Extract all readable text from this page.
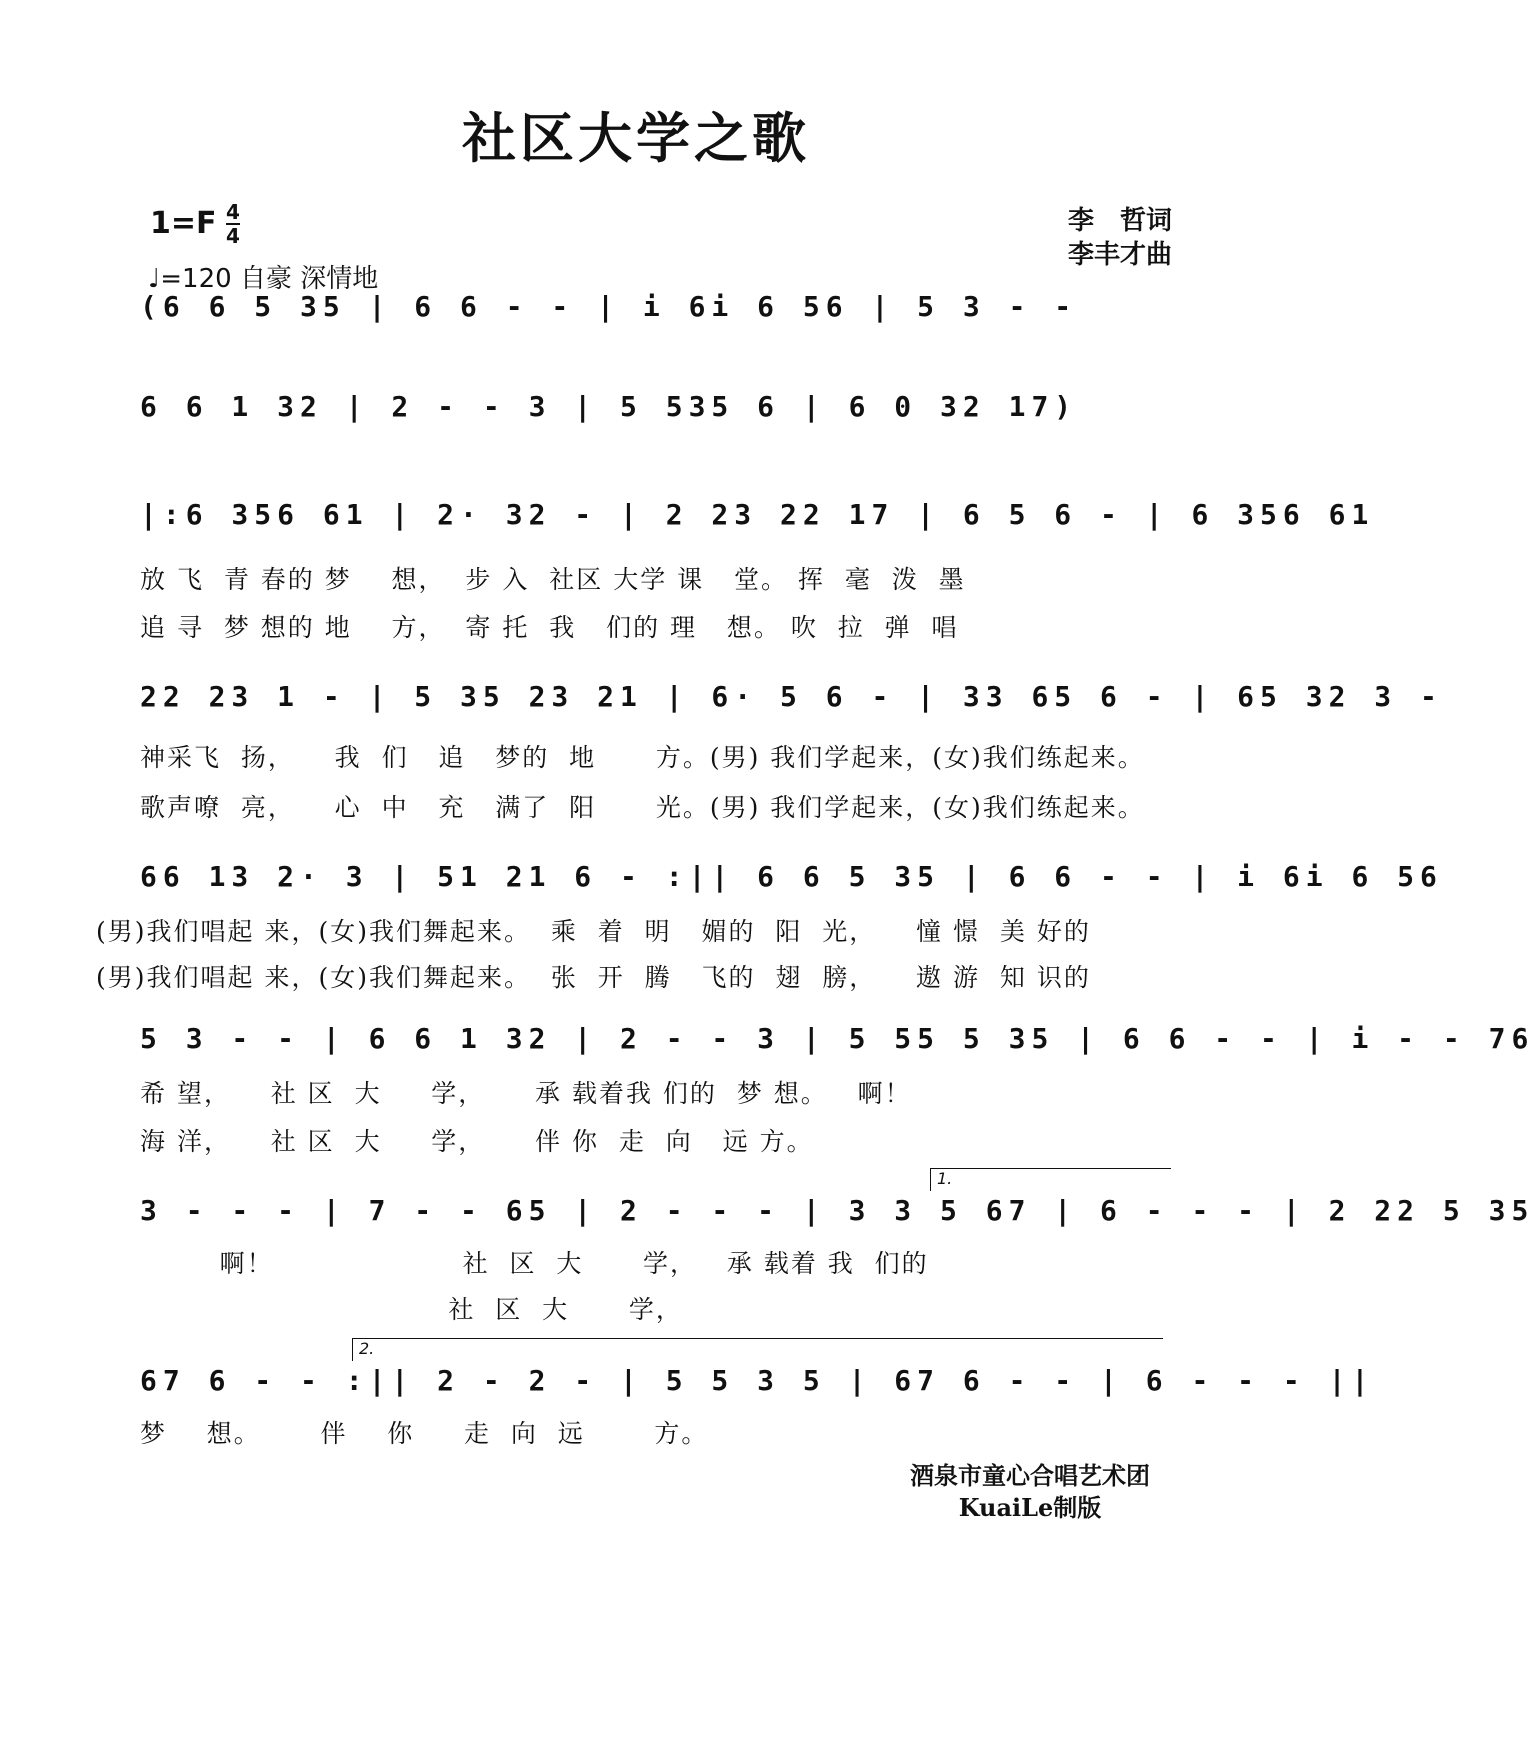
社区大学之歌
1=F 4
4
♩=120 自豪 深情地
李　哲词
李丰才曲
(6 6 5 35 | 6 6 - - | i 6i 6 56 | 5 3 - -
6 6 1 32 | 2 - - 3 | 5 535 6 | 6 0 32 17)
|:6 356 61 | 2· 32 - | 2 23 22 17 | 6 5 6 - | 6 356 61
放 飞  青 春的 梦    想，  步 入  社区 大学 课   堂。 挥  毫  泼  墨
追 寻  梦 想的 地    方，  寄 托  我   们的 理   想。 吹  拉  弹  唱
22 23 1 - | 5 35 23 21 | 6· 5 6 - | 33 65 6 - | 65 32 3 -
神采飞  扬，    我  们   追   梦的  地      方。(男) 我们学起来，(女)我们练起来。
歌声嘹  亮，    心  中   充   满了  阳      光。(男) 我们学起来，(女)我们练起来。
66 13 2· 3 | 51 21 6 - :|| 6 6 5 35 | 6 6 - - | i 6i 6 56
(男)我们唱起 来，(女)我们舞起来。  乘  着  明   媚的  阳  光，    憧 憬  美 好的
(男)我们唱起 来，(女)我们舞起来。  张  开  腾   飞的  翅  膀，    遨 游  知 识的
5 3 - - | 6 6 1 32 | 2 - - 3 | 5 55 5 35 | 6 6 - - | i - - 76
希 望，    社 区  大     学，     承 载着我 们的  梦 想。   啊！
海 洋，    社 区  大     学，     伴 你  走  向   远 方。
1.
3 - - - | 7 - - 65 | 2 - - - | 3 3 5 67 | 6 - - - | 2 22 5 35
啊！                   社  区  大      学，   承 载着 我  们的
社  区  大      学，
2.
67 6 - - :|| 2 - 2 - | 5 5 3 5 | 67 6 - - | 6 - - - ||
梦    想。      伴    你     走  向  远       方。
酒泉市童心合唱艺术团
KuaiLe制版
